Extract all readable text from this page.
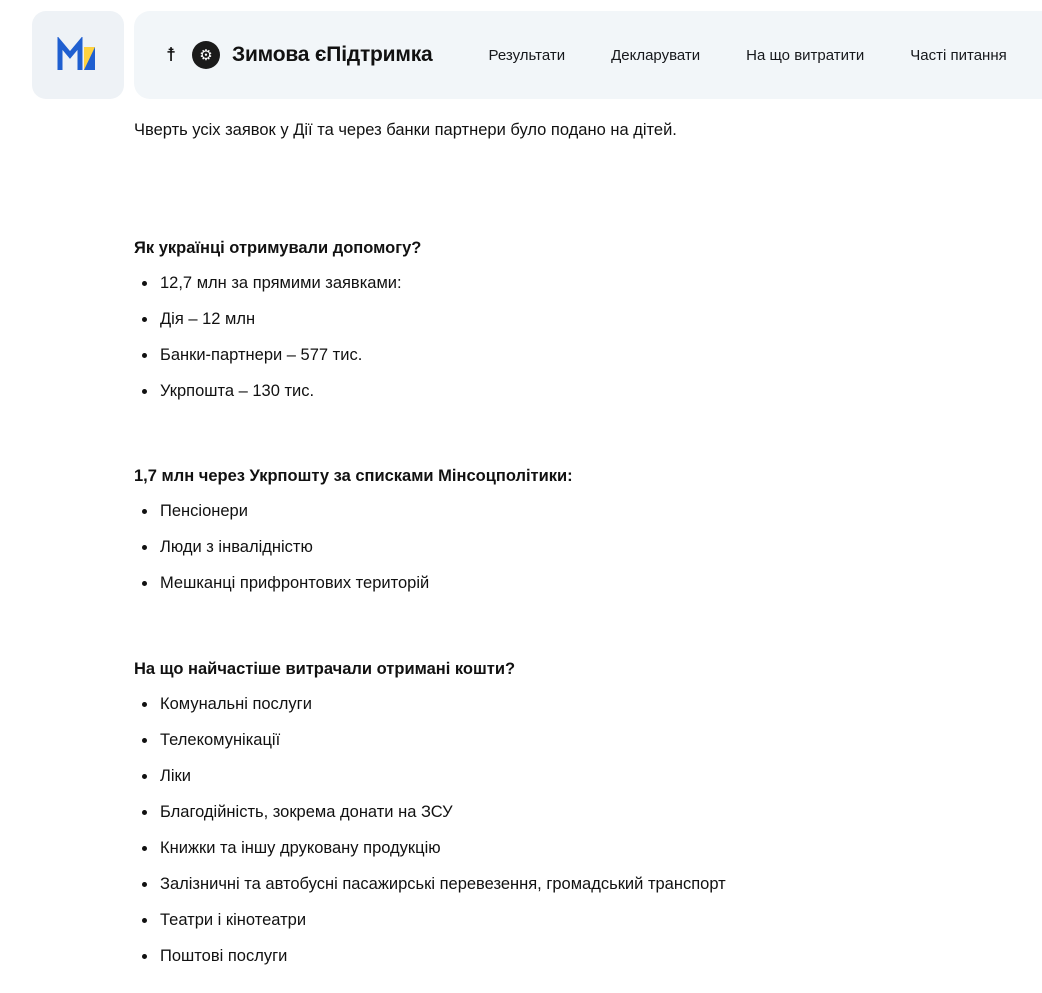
☨	⚙ Зимова єПідтримка	Результати	Декларувати	На що витратити	Часті питання

Чверть усіх заявок у Дії та через банки партнери було подано на дітей.

Як українці отримували допомогу?
12,7 млн за прямими заявками:
Дія – 12 млн
Банки-партнери – 577 тис.
Укрпошта – 130 тис.
1,7 млн через Укрпошту за списками Мінсоцполітики:
Пенсіонери
Люди з інвалідністю
Мешканці прифронтових територій
На що найчастіше витрачали отримані кошти?
Комунальні послуги
Телекомунікації
Ліки
Благодійність, зокрема донати на ЗСУ
Книжки та іншу друковану продукцію
Залізничні та автобусні пасажирські перевезення, громадський транспорт
Театри і кінотеатри
Поштові послуги
